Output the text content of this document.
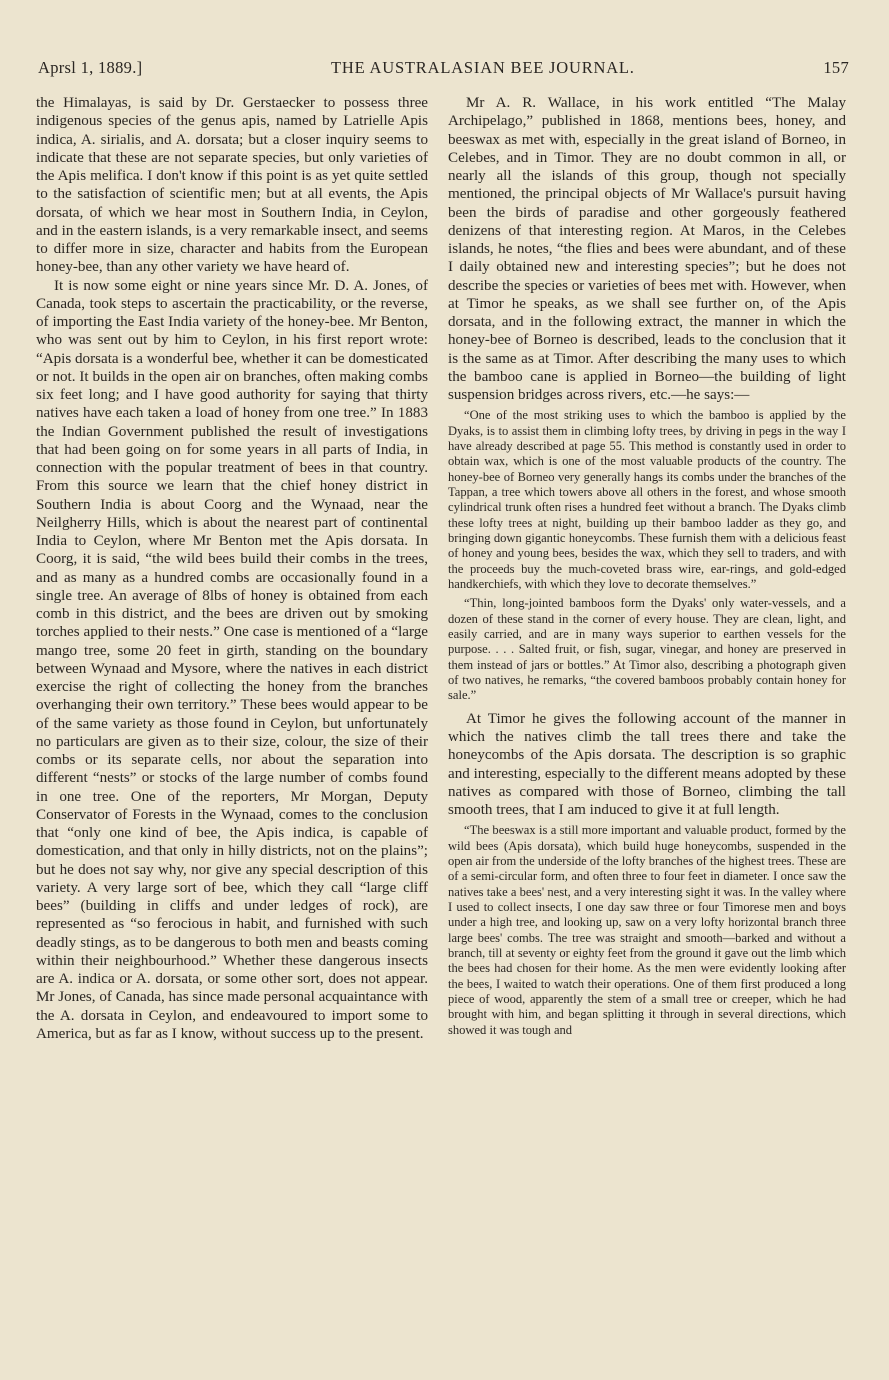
Aprsl 1, 1889.]	THE AUSTRALASIAN BEE JOURNAL.	157

the Himalayas, is said by Dr. Gerstaecker to possess three indigenous species of the genus apis, named by Latrielle Apis indica, A. sirialis, and A. dorsata; but a closer inquiry seems to indicate that these are not separate species, but only varieties of the Apis melifica. I don't know if this point is as yet quite settled to the satisfaction of scientific men; but at all events, the Apis dorsata, of which we hear most in Southern India, in Ceylon, and in the eastern islands, is a very remarkable insect, and seems to differ more in size, character and habits from the European honey-bee, than any other variety we have heard of.

It is now some eight or nine years since Mr. D. A. Jones, of Canada, took steps to ascertain the practicability, or the reverse, of importing the East India variety of the honey-bee. Mr Benton, who was sent out by him to Ceylon, in his first report wrote: “Apis dorsata is a wonderful bee, whether it can be domesticated or not. It builds in the open air on branches, often making combs six feet long; and I have good authority for saying that thirty natives have each taken a load of honey from one tree.” In 1883 the Indian Government published the result of investigations that had been going on for some years in all parts of India, in connection with the popular treatment of bees in that country. From this source we learn that the chief honey district in Southern India is about Coorg and the Wynaad, near the Neilgherry Hills, which is about the nearest part of continental India to Ceylon, where Mr Benton met the Apis dorsata. In Coorg, it is said, “the wild bees build their combs in the trees, and as many as a hundred combs are occasionally found in a single tree. An average of 8lbs of honey is obtained from each comb in this district, and the bees are driven out by smoking torches applied to their nests.” One case is mentioned of a “large mango tree, some 20 feet in girth, standing on the boundary between Wynaad and Mysore, where the natives in each district exercise the right of collecting the honey from the branches overhanging their own territory.” These bees would appear to be of the same variety as those found in Ceylon, but unfortunately no particulars are given as to their size, colour, the size of their combs or its separate cells, nor about the separation into different “nests” or stocks of the large number of combs found in one tree. One of the reporters, Mr Morgan, Deputy Conservator of Forests in the Wynaad, comes to the conclusion that “only one kind of bee, the Apis indica, is capable of domestication, and that only in hilly districts, not on the plains”; but he does not say why, nor give any special description of this variety. A very large sort of bee, which they call “large cliff bees” (building in cliffs and under ledges of rock), are represented as “so ferocious in habit, and furnished with such deadly stings, as to be dangerous to both men and beasts coming within their neighbourhood.” Whether these dangerous insects are A. indica or A. dorsata, or some other sort, does not appear. Mr Jones, of Canada, has since made personal acquaintance with the A. dorsata in Ceylon, and endeavoured to import some to America, but as far as I know, without success up to the present.

Mr A. R. Wallace, in his work entitled “The Malay Archipelago,” published in 1868, mentions bees, honey, and beeswax as met with, especially in the great island of Borneo, in Celebes, and in Timor. They are no doubt common in all, or nearly all the islands of this group, though not specially mentioned, the principal objects of Mr Wallace's pursuit having been the birds of paradise and other gorgeously feathered denizens of that interesting region. At Maros, in the Celebes islands, he notes, “the flies and bees were abundant, and of these I daily obtained new and interesting species”; but he does not describe the species or varieties of bees met with. However, when at Timor he speaks, as we shall see further on, of the Apis dorsata, and in the following extract, the manner in which the honey-bee of Borneo is described, leads to the conclusion that it is the same as at Timor. After describing the many uses to which the bamboo cane is applied in Borneo—the building of light suspension bridges across rivers, etc.—he says:—

“One of the most striking uses to which the bamboo is applied by the Dyaks, is to assist them in climbing lofty trees, by driving in pegs in the way I have already described at page 55. This method is constantly used in order to obtain wax, which is one of the most valuable products of the country. The honey-bee of Borneo very generally hangs its combs under the branches of the Tappan, a tree which towers above all others in the forest, and whose smooth cylindrical trunk often rises a hundred feet without a branch. The Dyaks climb these lofty trees at night, building up their bamboo ladder as they go, and bringing down gigantic honeycombs. These furnish them with a delicious feast of honey and young bees, besides the wax, which they sell to traders, and with the proceeds buy the much-coveted brass wire, ear-rings, and gold-edged handkerchiefs, with which they love to decorate themselves.”

“Thin, long-jointed bamboos form the Dyaks' only water-vessels, and a dozen of these stand in the corner of every house. They are clean, light, and easily carried, and are in many ways superior to earthen vessels for the purpose. . . . Salted fruit, or fish, sugar, vinegar, and honey are preserved in them instead of jars or bottles.” At Timor also, describing a photograph given of two natives, he remarks, “the covered bamboos probably contain honey for sale.”

At Timor he gives the following account of the manner in which the natives climb the tall trees there and take the honeycombs of the Apis dorsata. The description is so graphic and interesting, especially to the different means adopted by these natives as compared with those of Borneo, climbing the tall smooth trees, that I am induced to give it at full length.

“The beeswax is a still more important and valuable product, formed by the wild bees (Apis dorsata), which build huge honeycombs, suspended in the open air from the underside of the lofty branches of the highest trees. These are of a semi-circular form, and often three to four feet in diameter. I once saw the natives take a bees' nest, and a very interesting sight it was. In the valley where I used to collect insects, I one day saw three or four Timorese men and boys under a high tree, and looking up, saw on a very lofty horizontal branch three large bees' combs. The tree was straight and smooth—barked and without a branch, till at seventy or eighty feet from the ground it gave out the limb which the bees had chosen for their home. As the men were evidently looking after the bees, I waited to watch their operations. One of them first produced a long piece of wood, apparently the stem of a small tree or creeper, which he had brought with him, and began splitting it through in several directions, which showed it was tough and
